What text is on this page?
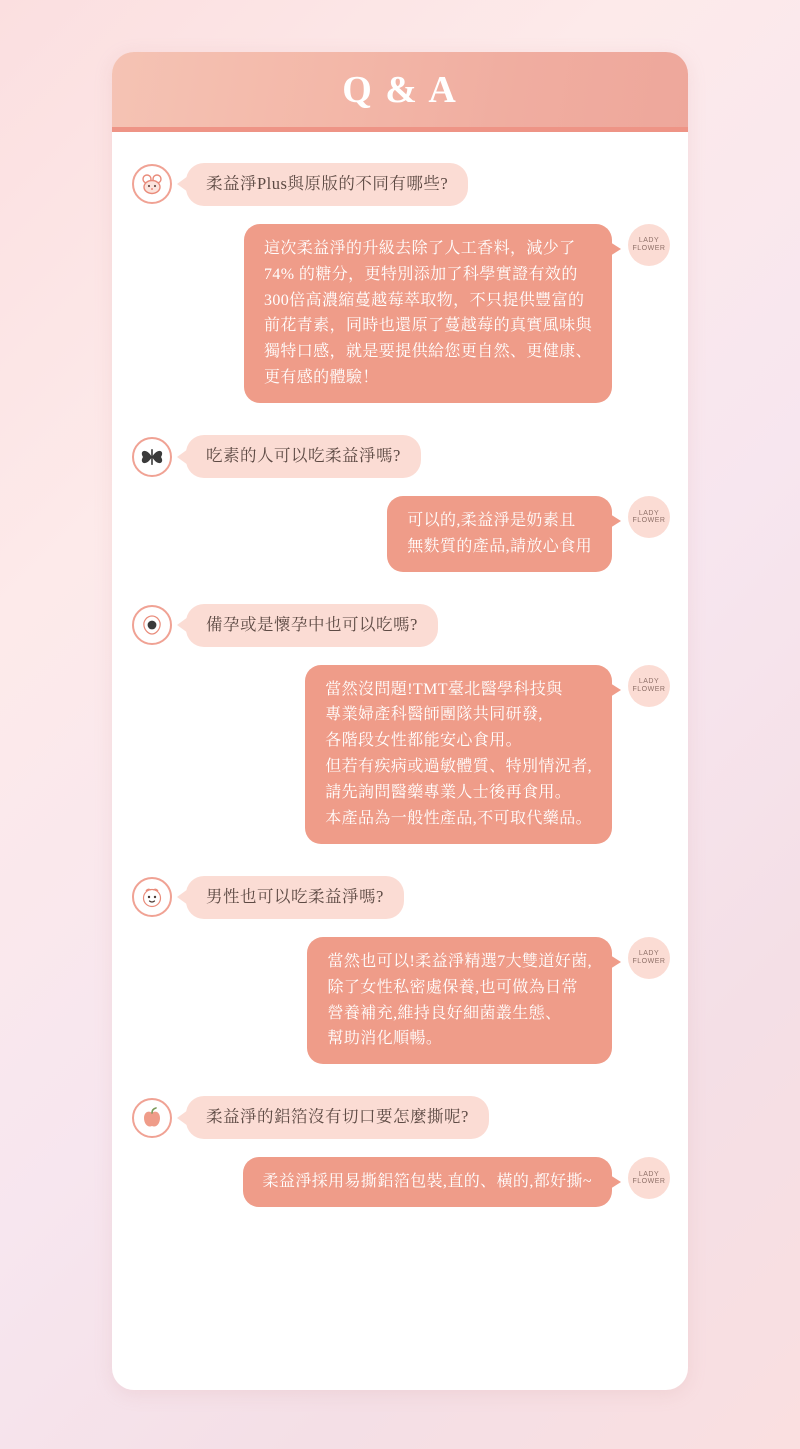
Q & A
柔益淨Plus與原版的不同有哪些?
這次柔益淨的升級去除了人工香料，減少了
74% 的糖分，更特別添加了科學實證有效的
300倍高濃縮蔓越莓萃取物，不只提供豐富的
前花青素，同時也還原了蔓越莓的真實風味與
獨特口感，就是要提供給您更自然、更健康、
更有感的體驗！
LADY
FLOWER
吃素的人可以吃柔益淨嗎?
可以的,柔益淨是奶素且
無麩質的產品,請放心食用
LADY
FLOWER
備孕或是懷孕中也可以吃嗎?
當然沒問題!TMT臺北醫學科技與
專業婦產科醫師團隊共同研發,
各階段女性都能安心食用。
但若有疾病或過敏體質、特別情況者,
請先詢問醫藥專業人士後再食用。
本產品為一般性產品,不可取代藥品。
LADY
FLOWER
男性也可以吃柔益淨嗎?
當然也可以!柔益淨精選7大雙道好菌,
除了女性私密處保養,也可做為日常
營養補充,維持良好細菌叢生態、
幫助消化順暢。
LADY
FLOWER
柔益淨的鋁箔沒有切口要怎麼撕呢?
柔益淨採用易撕鋁箔包裝,直的、橫的,都好撕~	LADY
FLOWER
